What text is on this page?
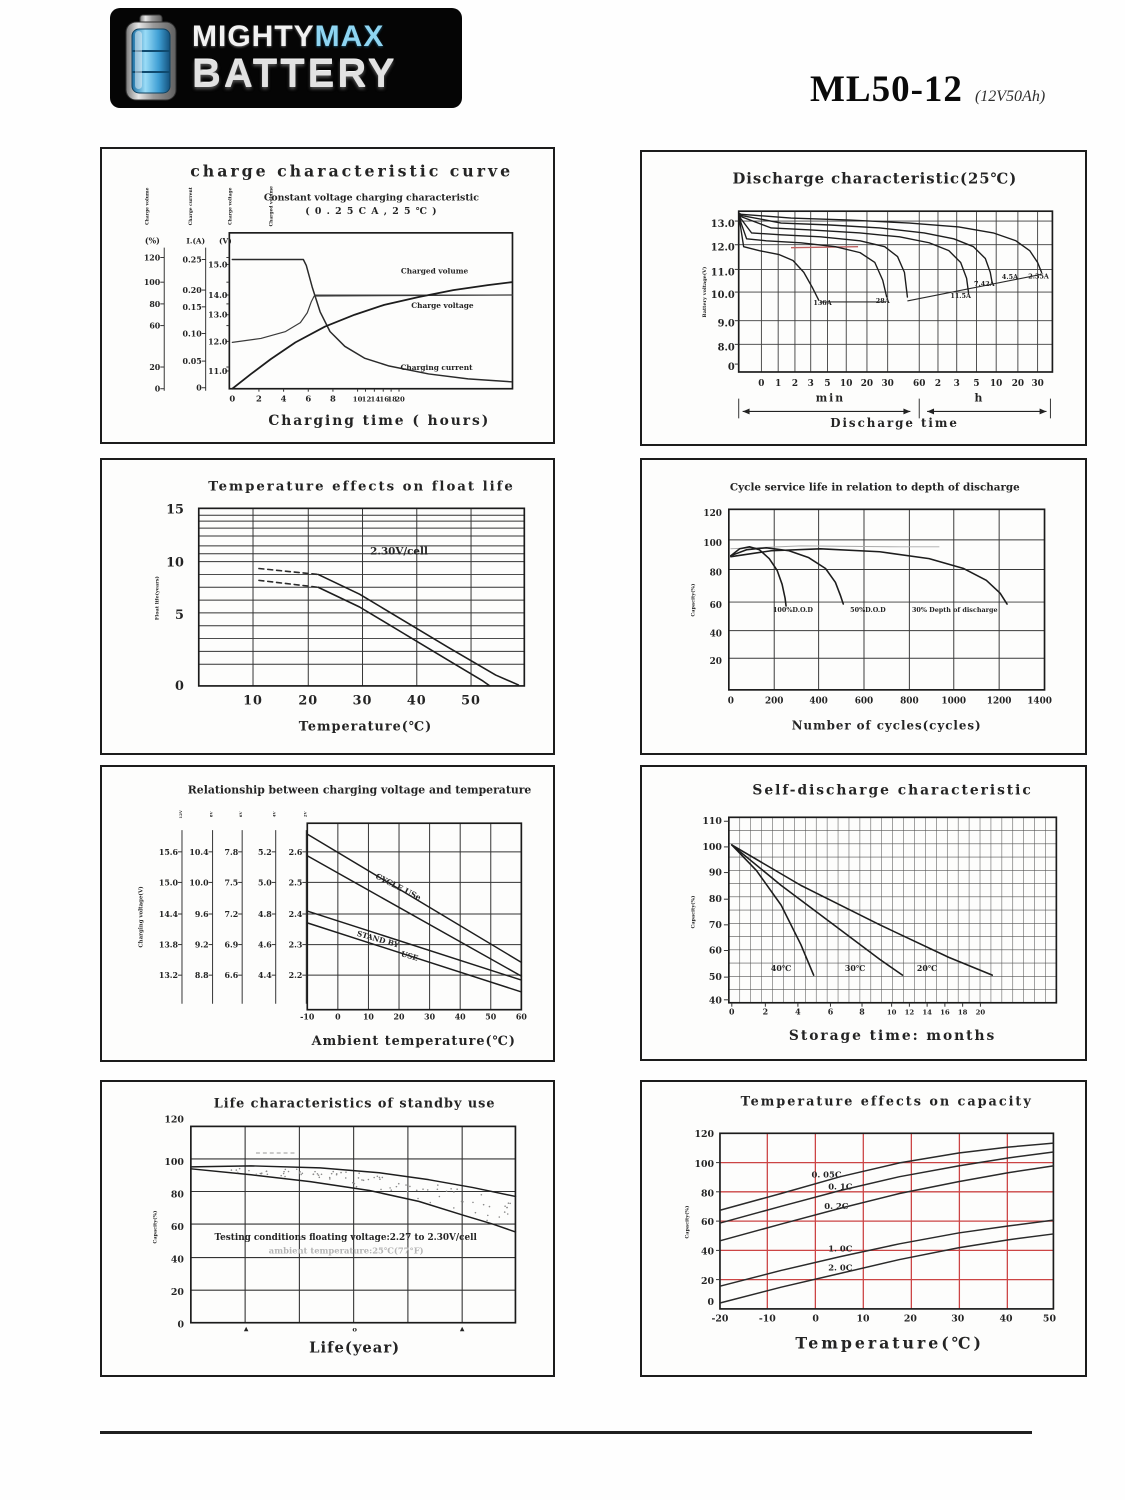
MIGHTYMAX
BATTERY	ML50-12 (12V50Ah)
charge characteristic curve
Constant voltage charging characteristic
( 0 . 2 5 C A , 2 5 ℃ )
(%)	I.(A) (V)
Charge volume	Charge current	Charge voltage	Charged volume
120
100
80
60
20
0
0.25
0.20
0.15
0.10
0.05
0
15.0
14.0
13.0
12.0
11.0
0 2 4 6 8 10 12 14 16
18
20
Charging time ( hours)
Charged volume
Charge voltage
Charging current
Discharge characteristic(25℃)
13.0
12.0
11.0
10.0
9.0
8.0
0
Battery voltage(V)
0 1 2 3 5 10 20 30 60 2 3 5 10 20 30
min	h
Discharge time
136A	28A
11.5A
7.42A
4.5A 2.35A
Temperature effects on float life
15
10
5
0
Float life(years)
10	20	30	40	50
Temperature(℃)
2.30V/cell
Cycle service life in relation to depth of discharge
120
100
80
60
40
20
Capacity(%)
0	200	400	600	800	1000 1200 1400
Number of cycles(cycles)
100%D.O.D	50%D.O.D	30% Depth of discharge
Relationship between charging voltage and temperature
Charging voltage(V)
12V	8V	6V	4V	2V
15.6
15.0
14.4
13.8
13.2
10.4
10.0
9.6
9.2
8.8
7.8
7.5
7.2
6.9
6.6
5.2
5.0
4.8
4.6
4.4
2.6
2.5
2.4
2.3
2.2
-10	0	10 20 30 40 50 60
Ambient temperature(℃)
CYCLE USe
STAND BY
USE
Self-discharge characteristic
110
100
90
80
70
60
50
40
Capacity(%)
0	2	4	6	8	10 12 14 16 18 20
Storage time: months
40℃	30℃	20℃
Life characteristics of standby use
120
100
80
60
40
20
0
Capacity(%)
▲	o	▲
Life(year)
Testing conditions floating voltage:2.27 to 2.30V/cell
ambient temperature:25℃(77°F)
Temperature effects on capacity
120
100
80
60
40
20
0
Capacity(%)
-20	-10	0	10	20	30	40	50
Temperature(℃)
0. 05C
0. 1C
0. 2C
1. 0C
2. 0C
